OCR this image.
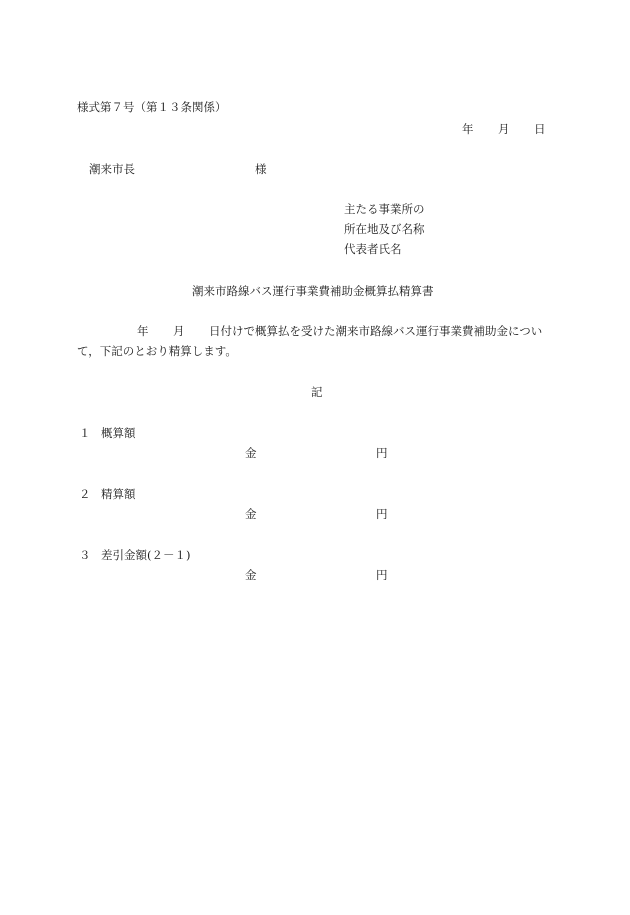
様式第７号（第１３条関係）
年 月 日
潮来市長	様
主たる事業所の
所在地及び名称
代表者氏名
潮来市路線バス運行事業費補助金概算払精算書
年 月 日付けで概算払を受けた潮来市路線バス運行事業費補助金につい
て，下記のとおり精算します。
記
１ 概算額
金	円
２ 精算額
金	円
３ 差引金額(２－１)
金	円
